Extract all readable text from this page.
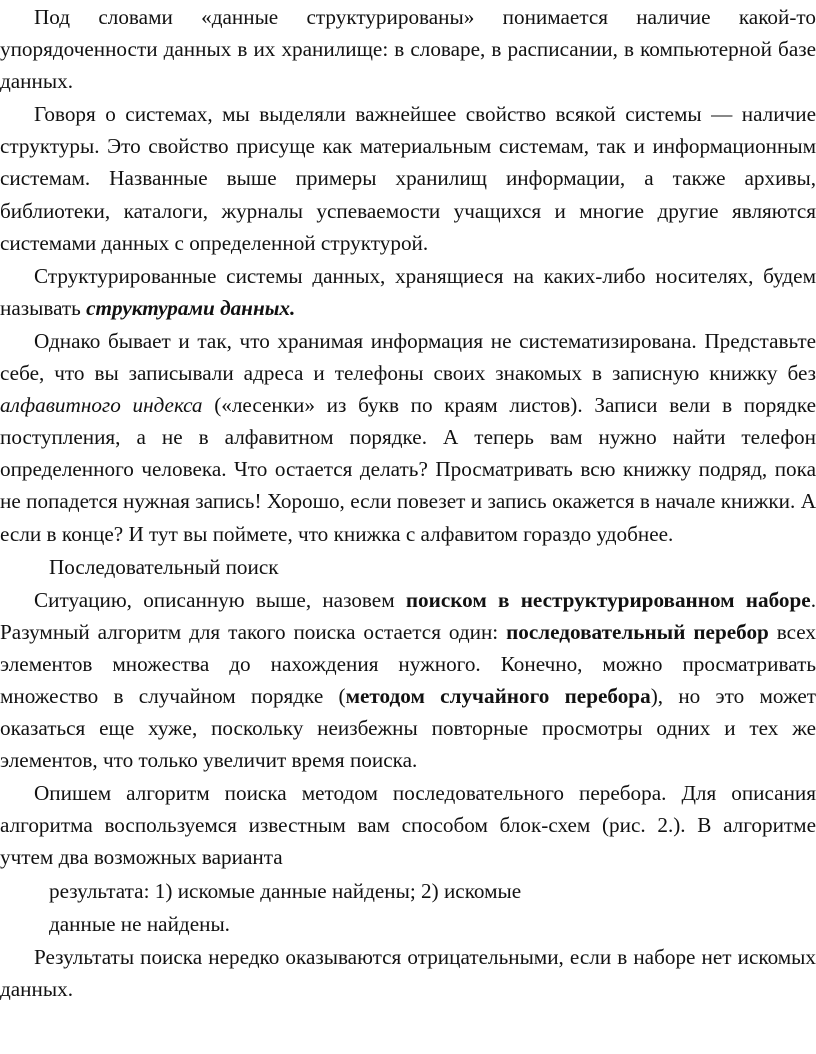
Под словами «данные структурированы» понимается наличие какой-то упорядоченности данных в их хранилище: в словаре, в расписании, в компьютерной базе данных.

Говоря о системах, мы выделяли важнейшее свойство всякой системы — наличие структуры. Это свойство присуще как материальным системам, так и информационным системам. Названные выше примеры хранилищ информации, а также архивы, библиотеки, каталоги, журналы успеваемости учащихся и многие другие являются системами данных с определенной структурой.

Структурированные системы данных, хранящиеся на каких-либо носителях, будем называть структурами данных.

Однако бывает и так, что хранимая информация не систематизирована. Представьте себе, что вы записывали адреса и телефоны своих знакомых в записную книжку без алфавитного индекса («лесенки» из букв по краям листов). Записи вели в порядке поступления, а не в алфавитном порядке. А теперь вам нужно найти телефон определенного человека. Что остается делать? Просматривать всю книжку подряд, пока не попадется нужная запись! Хорошо, если повезет и запись окажется в начале книжки. А если в конце? И тут вы поймете, что книжка с алфавитом гораздо удобнее.

Последовательный поиск

Ситуацию, описанную выше, назовем поиском в неструктурированном наборе. Разумный алгоритм для такого поиска остается один: последовательный перебор всех элементов множества до нахождения нужного. Конечно, можно просматривать множество в случайном порядке (методом случайного перебора), но это может оказаться еще хуже, поскольку неизбежны повторные просмотры одних и тех же элементов, что только увеличит время поиска.

Опишем алгоритм поиска методом последовательного перебора. Для описания алгоритма воспользуемся известным вам способом блок-схем (рис. 2.). В алгоритме учтем два возможных варианта

результата: 1) искомые данные найдены; 2) искомые

данные не найдены.

Результаты поиска нередко оказываются отрицательными, если в наборе нет искомых данных.
